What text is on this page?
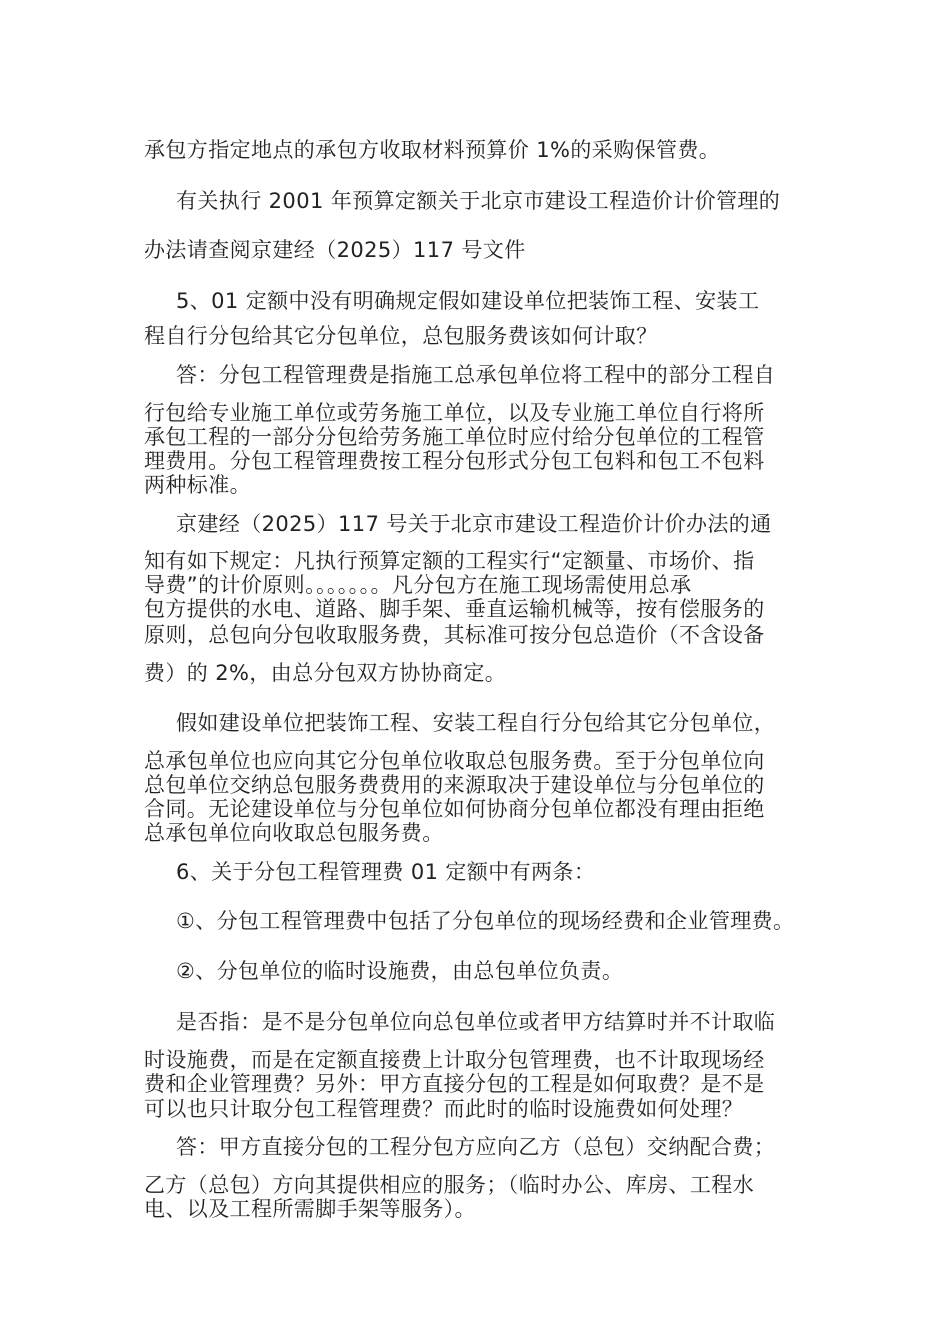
承包方指定地点的承包方收取材料预算价 1%的采购保管费。
有关执行 2001 年预算定额关于北京市建设工程造价计价管理的
办法请查阅京建经（2025）117 号文件
5、01 定额中没有明确规定假如建设单位把装饰工程、安装工
程自行分包给其它分包单位，总包服务费该如何计取？
答：分包工程管理费是指施工总承包单位将工程中的部分工程自
行包给专业施工单位或劳务施工单位，以及专业施工单位自行将所
承包工程的一部分分包给劳务施工单位时应付给分包单位的工程管
理费用。分包工程管理费按工程分包形式分包工包料和包工不包料
两种标准。
京建经（2025）117 号关于北京市建设工程造价计价办法的通
知有如下规定：凡执行预算定额的工程实行“定额量、市场价、指
导费”的计价原则。。。。。。。凡分包方在施工现场需使用总承
包方提供的水电、道路、脚手架、垂直运输机械等，按有偿服务的
原则，总包向分包收取服务费，其标准可按分包总造价（不含设备
费）的 2%，由总分包双方协协商定。
假如建设单位把装饰工程、安装工程自行分包给其它分包单位，
总承包单位也应向其它分包单位收取总包服务费。至于分包单位向
总包单位交纳总包服务费费用的来源取决于建设单位与分包单位的
合同。无论建设单位与分包单位如何协商分包单位都没有理由拒绝
总承包单位向收取总包服务费。
6、关于分包工程管理费 01 定额中有两条：
①、分包工程管理费中包括了分包单位的现场经费和企业管理费。
②、分包单位的临时设施费，由总包单位负责。
是否指：是不是分包单位向总包单位或者甲方结算时并不计取临
时设施费，而是在定额直接费上计取分包管理费，也不计取现场经
费和企业管理费？另外：甲方直接分包的工程是如何取费？是不是
可以也只计取分包工程管理费？而此时的临时设施费如何处理？
答：甲方直接分包的工程分包方应向乙方（总包）交纳配合费；
乙方（总包）方向其提供相应的服务；（临时办公、库房、工程水
电、以及工程所需脚手架等服务）。
